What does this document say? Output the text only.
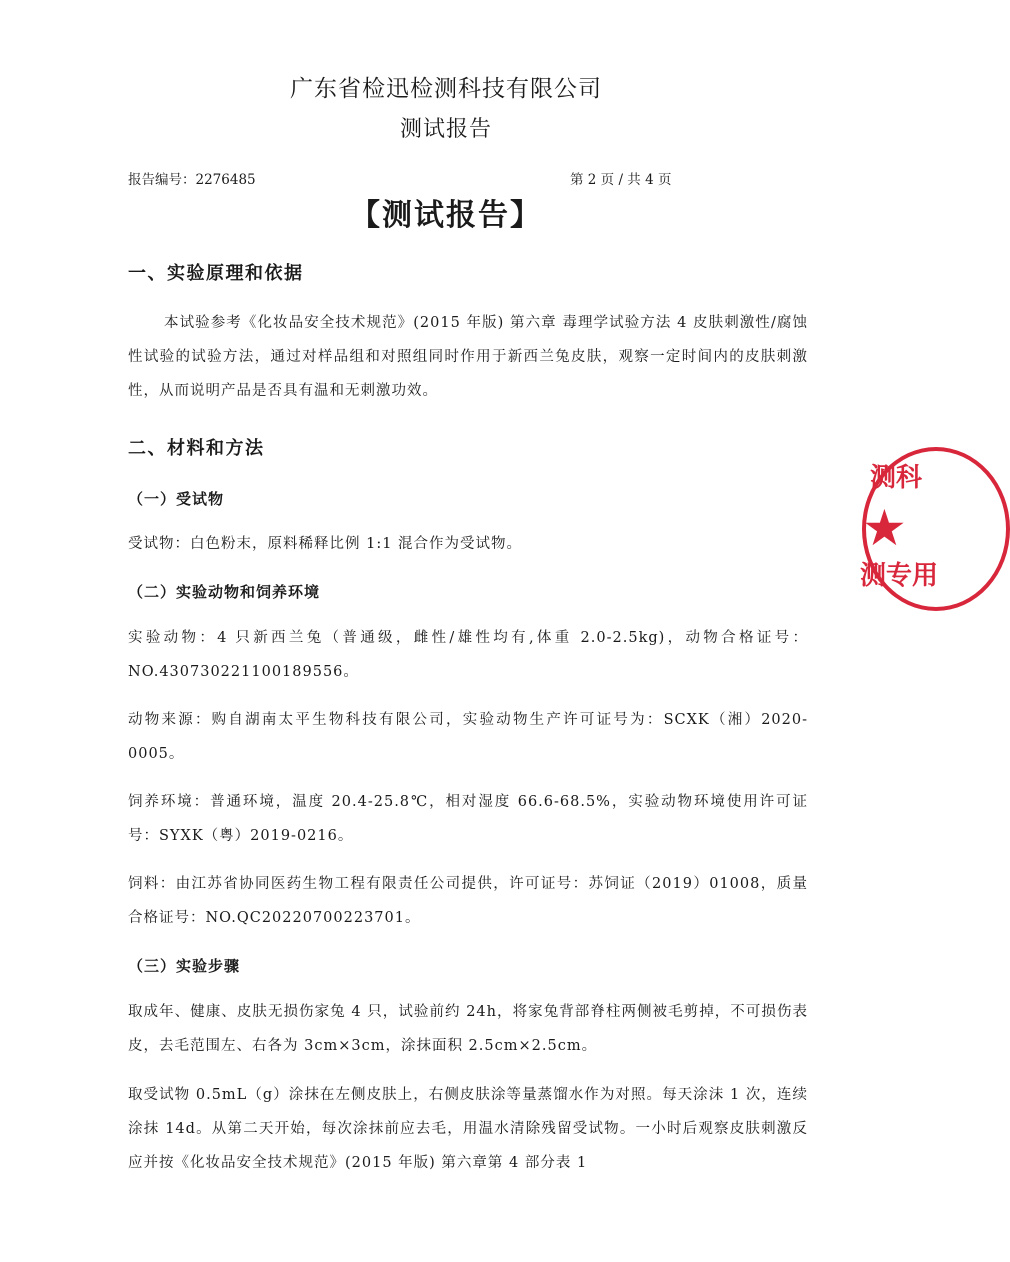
广东省检迅检测科技有限公司
测试报告
报告编号：2276485	第 2 页 / 共 4 页
【测试报告】
一、实验原理和依据
本试验参考《化妆品安全技术规范》(2015 年版) 第六章 毒理学试验方法 4 皮肤刺激性/腐蚀性试验的试验方法，通过对样品组和对照组同时作用于新西兰兔皮肤，观察一定时间内的皮肤刺激性，从而说明产品是否具有温和无刺激功效。
二、材料和方法
（一）受试物
受试物：白色粉末，原料稀释比例 1:1 混合作为受试物。
（二）实验动物和饲养环境
实验动物：4 只新西兰兔（普通级，雌性/雄性均有,体重 2.0-2.5kg)，动物合格证号：NO.430730221100189556。
动物来源：购自湖南太平生物科技有限公司，实验动物生产许可证号为：SCXK（湘）2020-0005。
饲养环境：普通环境，温度 20.4-25.8℃，相对湿度 66.6-68.5%，实验动物环境使用许可证号：SYXK（粤）2019-0216。
饲料：由江苏省协同医药生物工程有限责任公司提供，许可证号：苏饲证（2019）01008，质量合格证号：NO.QC20220700223701。
（三）实验步骤
取成年、健康、皮肤无损伤家兔 4 只，试验前约 24h，将家兔背部脊柱两侧被毛剪掉，不可损伤表皮，去毛范围左、右各为 3cm×3cm，涂抹面积 2.5cm×2.5cm。
取受试物 0.5mL（g）涂抹在左侧皮肤上，右侧皮肤涂等量蒸馏水作为对照。每天涂沫 1 次，连续涂抹 14d。从第二天开始，每次涂抹前应去毛，用温水清除残留受试物。一小时后观察皮肤刺激反应并按《化妆品安全技术规范》(2015 年版) 第六章第 4 部分表 1
测科
★
测专用
